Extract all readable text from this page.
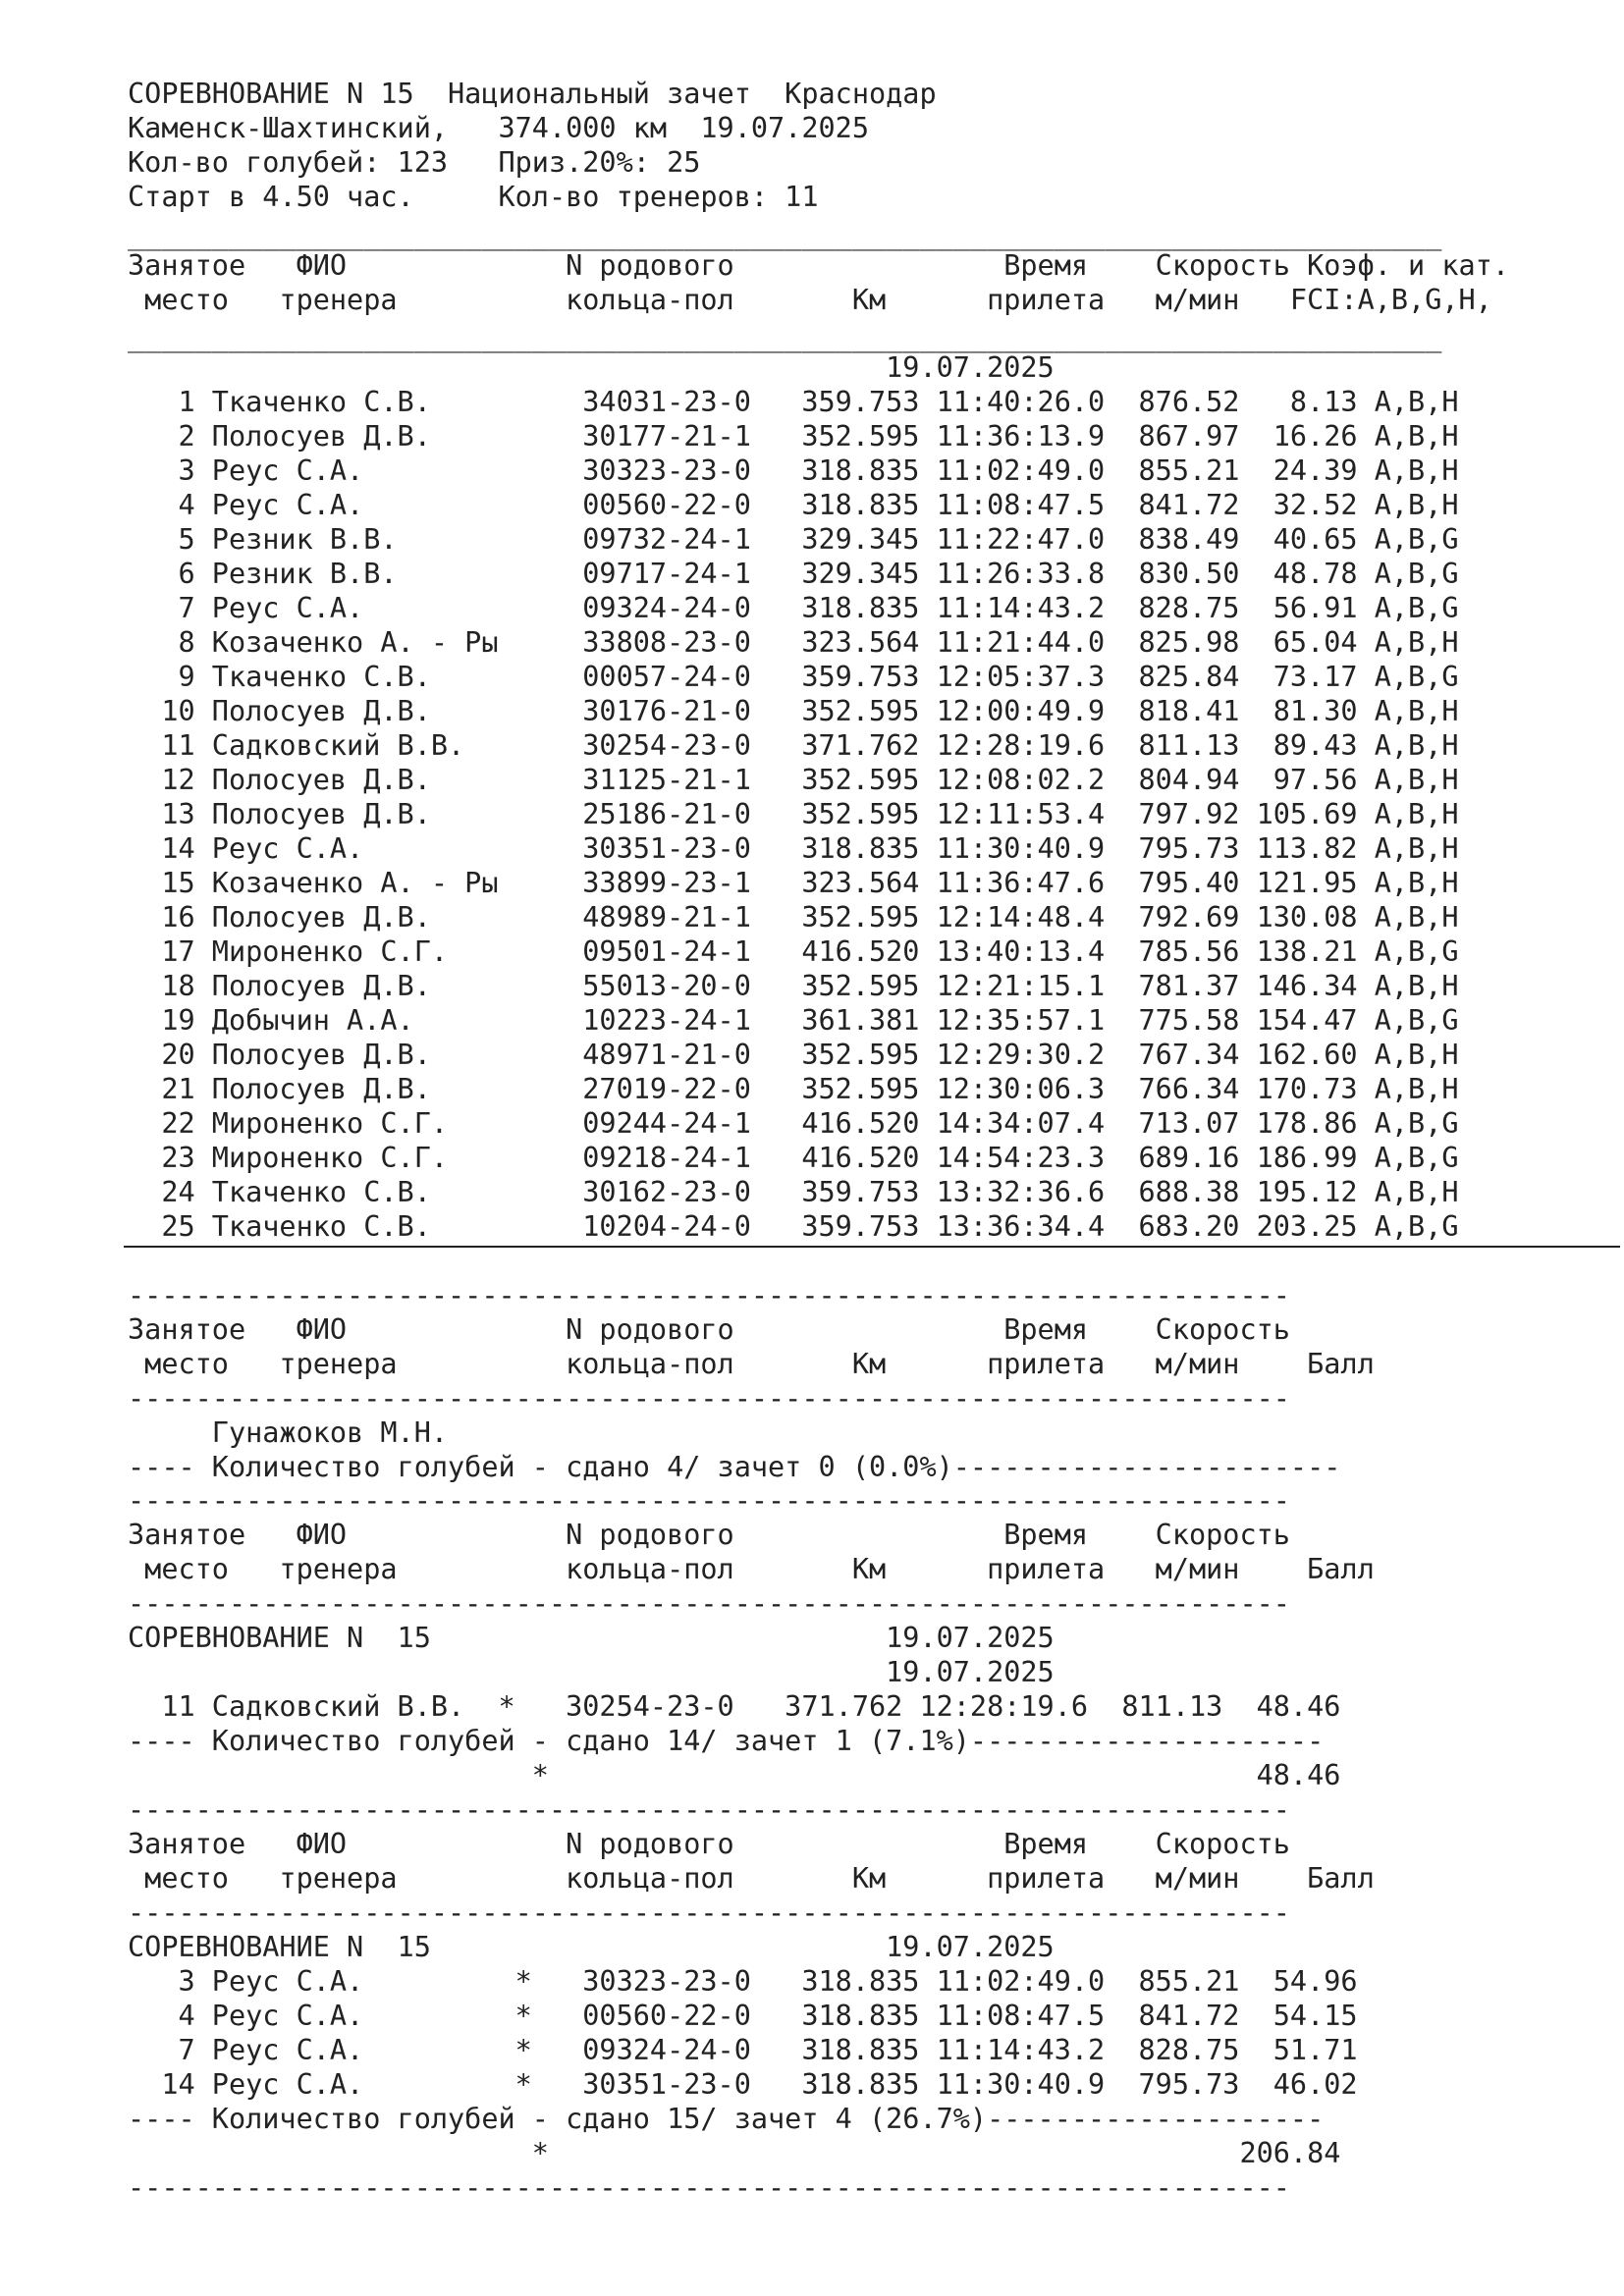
СОРЕВНОВАНИЕ N 15  Национальный зачет  Краснодар
Каменск-Шахтинский,   374.000 км  19.07.2025
Кол-во голубей: 123   Приз.20%: 25
Старт в 4.50 час.     Кол-во тренеров: 11
______________________________________________________________________________
Занятое   ФИО             N родового                Время    Скорость Коэф. и кат.
место   тренера          кольца-пол       Км      прилета   м/мин   FCI:A,B,G,H,
______________________________________________________________________________
19.07.2025
1 Ткаченко С.В.         34031-23-0   359.753 11:40:26.0  876.52   8.13 A,B,H
2 Полосуев Д.В.         30177-21-1   352.595 11:36:13.9  867.97  16.26 A,B,H
3 Реус С.А.             30323-23-0   318.835 11:02:49.0  855.21  24.39 A,B,H
4 Реус С.А.             00560-22-0   318.835 11:08:47.5  841.72  32.52 A,B,H
5 Резник В.В.           09732-24-1   329.345 11:22:47.0  838.49  40.65 A,B,G
6 Резник В.В.           09717-24-1   329.345 11:26:33.8  830.50  48.78 A,B,G
7 Реус С.А.             09324-24-0   318.835 11:14:43.2  828.75  56.91 A,B,G
8 Козаченко А. - Ры     33808-23-0   323.564 11:21:44.0  825.98  65.04 A,B,H
9 Ткаченко С.В.         00057-24-0   359.753 12:05:37.3  825.84  73.17 A,B,G
10 Полосуев Д.В.         30176-21-0   352.595 12:00:49.9  818.41  81.30 A,B,H
11 Садковский В.В.       30254-23-0   371.762 12:28:19.6  811.13  89.43 A,B,H
12 Полосуев Д.В.         31125-21-1   352.595 12:08:02.2  804.94  97.56 A,B,H
13 Полосуев Д.В.         25186-21-0   352.595 12:11:53.4  797.92 105.69 A,B,H
14 Реус С.А.             30351-23-0   318.835 11:30:40.9  795.73 113.82 A,B,H
15 Козаченко А. - Ры     33899-23-1   323.564 11:36:47.6  795.40 121.95 A,B,H
16 Полосуев Д.В.         48989-21-1   352.595 12:14:48.4  792.69 130.08 A,B,H
17 Мироненко С.Г.        09501-24-1   416.520 13:40:13.4  785.56 138.21 A,B,G
18 Полосуев Д.В.         55013-20-0   352.595 12:21:15.1  781.37 146.34 A,B,H
19 Добычин А.А.          10223-24-1   361.381 12:35:57.1  775.58 154.47 A,B,G
20 Полосуев Д.В.         48971-21-0   352.595 12:29:30.2  767.34 162.60 A,B,H
21 Полосуев Д.В.         27019-22-0   352.595 12:30:06.3  766.34 170.73 A,B,H
22 Мироненко С.Г.        09244-24-1   416.520 14:34:07.4  713.07 178.86 A,B,G
23 Мироненко С.Г.        09218-24-1   416.520 14:54:23.3  689.16 186.99 A,B,G
24 Ткаченко С.В.         30162-23-0   359.753 13:32:36.6  688.38 195.12 A,B,H
25 Ткаченко С.В.         10204-24-0   359.753 13:36:34.4  683.20 203.25 A,B,G
---------------------------------------------------------------------
Занятое   ФИО             N родового                Время    Скорость
место   тренера          кольца-пол       Км      прилета   м/мин    Балл
---------------------------------------------------------------------
Гунажоков М.Н.
---- Количество голубей - сдано 4/ зачет 0 (0.0%)-----------------------
---------------------------------------------------------------------
Занятое   ФИО             N родового                Время    Скорость
место   тренера          кольца-пол       Км      прилета   м/мин    Балл
---------------------------------------------------------------------
СОРЕВНОВАНИЕ N  15                           19.07.2025
19.07.2025
11 Садковский В.В.  *   30254-23-0   371.762 12:28:19.6  811.13  48.46
---- Количество голубей - сдано 14/ зачет 1 (7.1%)---------------------
*                                          48.46
---------------------------------------------------------------------
Занятое   ФИО             N родового                Время    Скорость
место   тренера          кольца-пол       Км      прилета   м/мин    Балл
---------------------------------------------------------------------
СОРЕВНОВАНИЕ N  15                           19.07.2025
3 Реус С.А.         *   30323-23-0   318.835 11:02:49.0  855.21  54.96
4 Реус С.А.         *   00560-22-0   318.835 11:08:47.5  841.72  54.15
7 Реус С.А.         *   09324-24-0   318.835 11:14:43.2  828.75  51.71
14 Реус С.А.         *   30351-23-0   318.835 11:30:40.9  795.73  46.02
---- Количество голубей - сдано 15/ зачет 4 (26.7%)--------------------
*                                         206.84
---------------------------------------------------------------------
